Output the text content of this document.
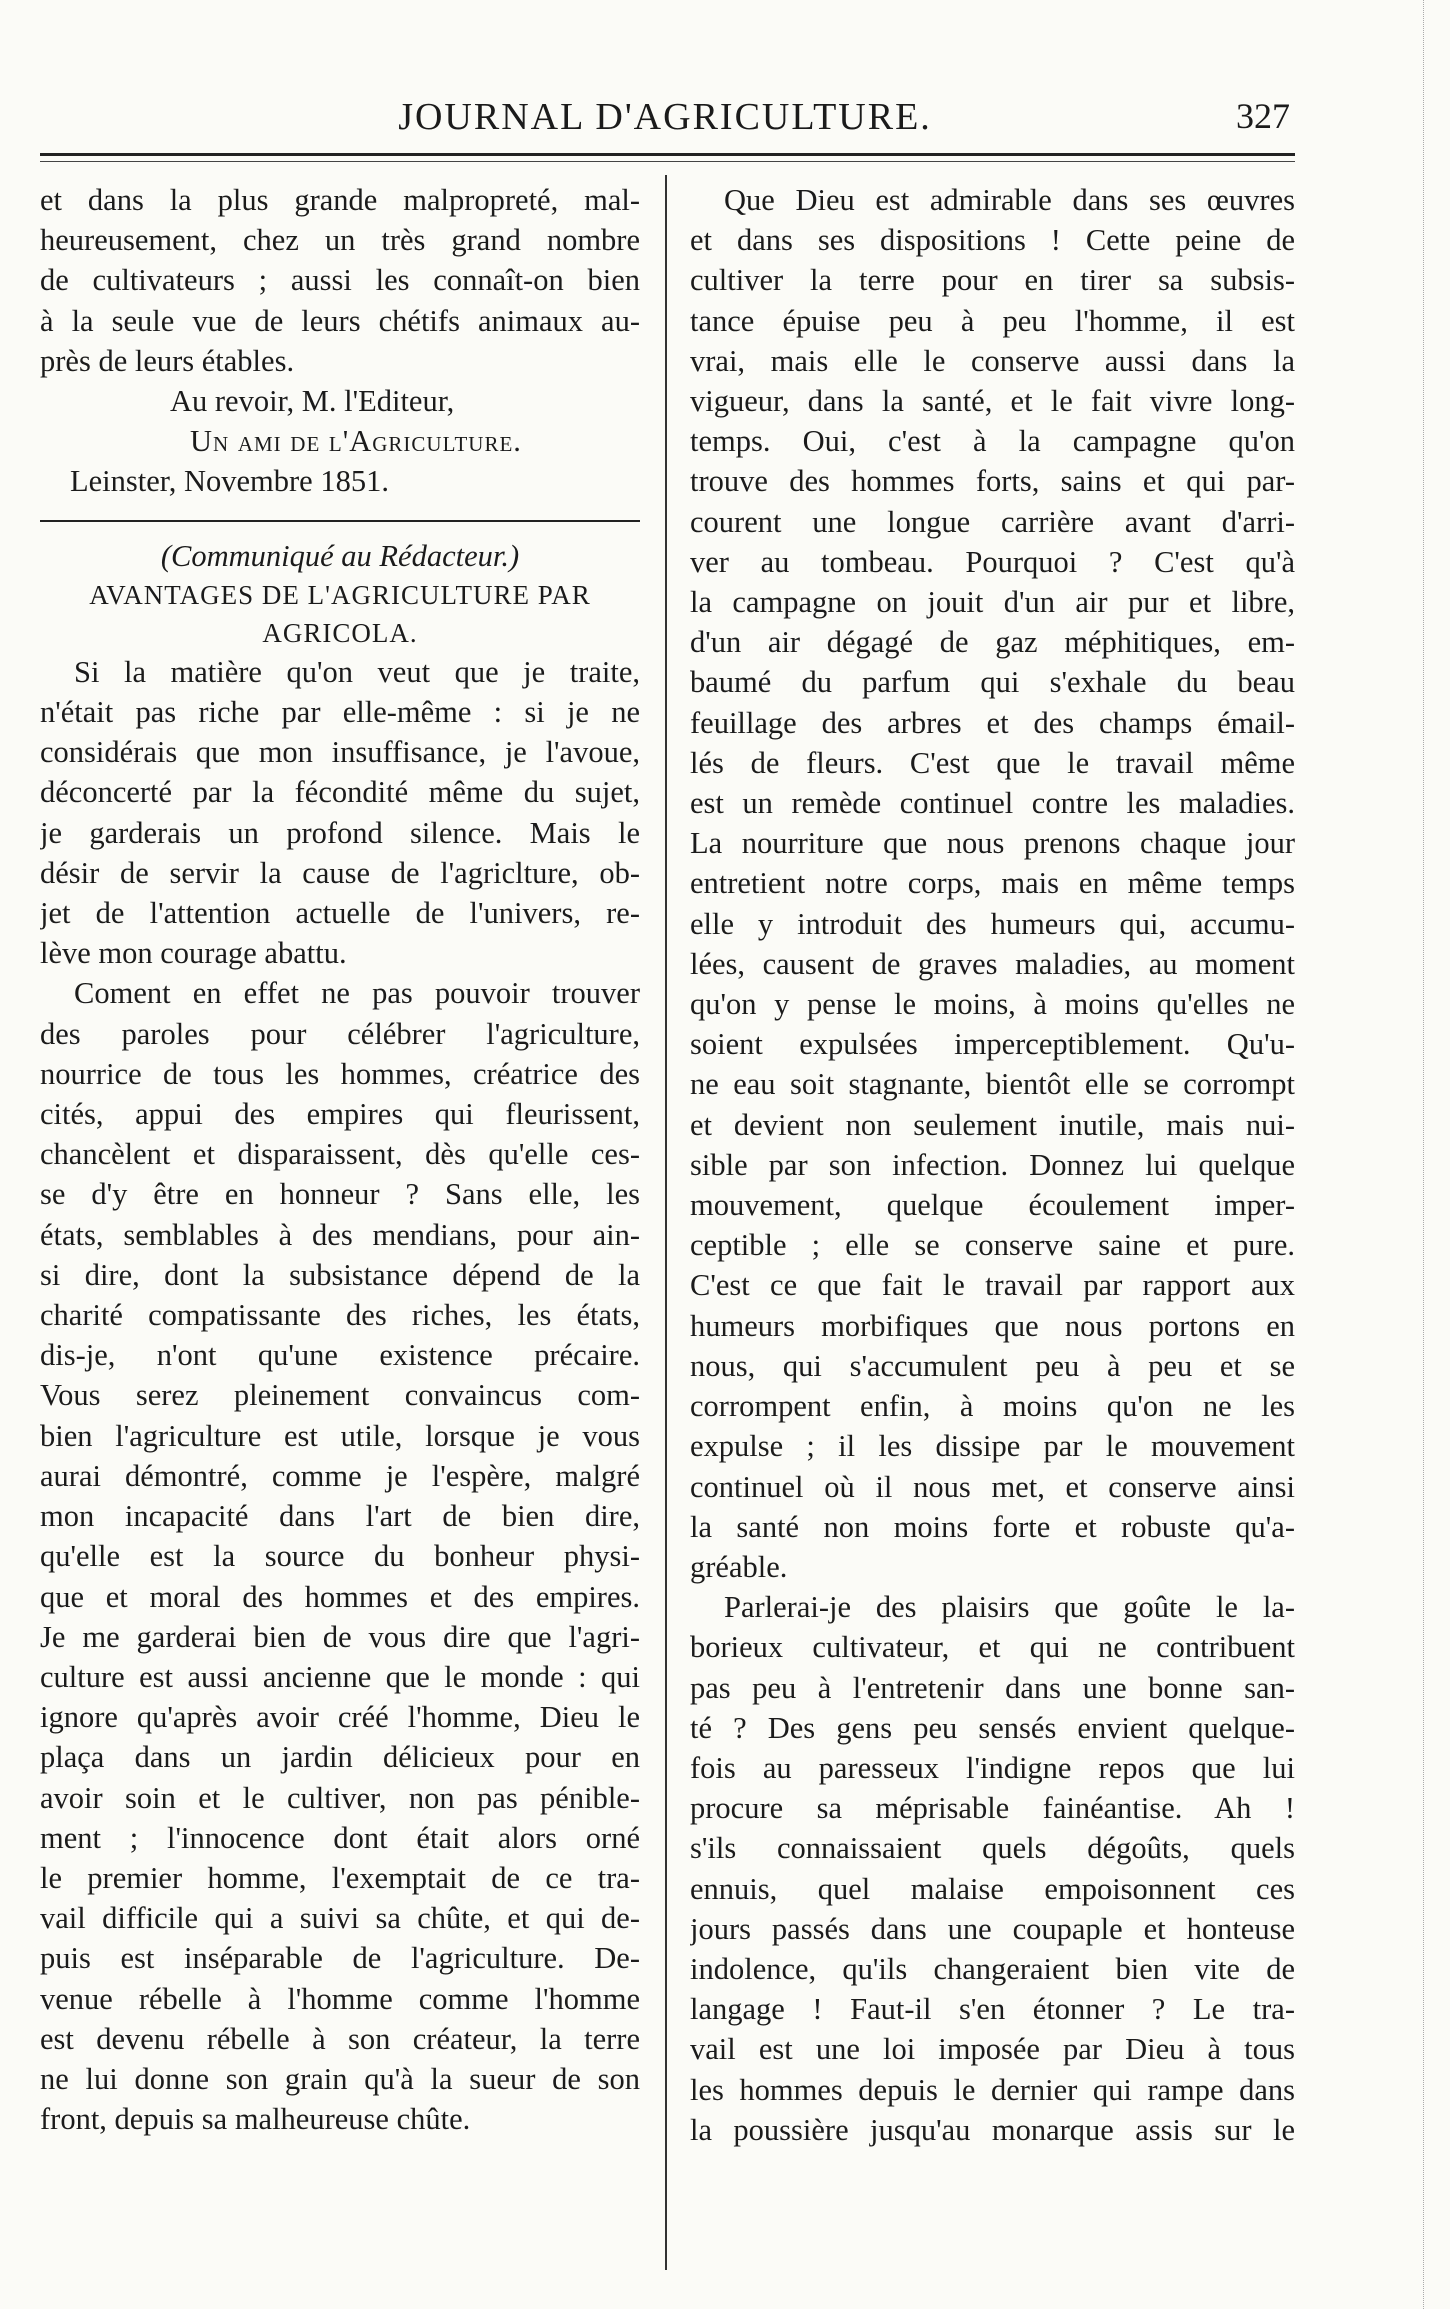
JOURNAL D'AGRICULTURE.	327
et dans la plus grande malpropreté, mal-
heureusement, chez un très grand nombre
de cultivateurs ; aussi les connaît-on bien
à la seule vue de leurs chétifs animaux au-
près de leurs étables.
Au revoir, M. l'Editeur,
Un ami de l'Agriculture.
Leinster, Novembre 1851.
(Communiqué au Rédacteur.)
AVANTAGES DE L'AGRICULTURE PAR
AGRICOLA.
Si la matière qu'on veut que je traite,
n'était pas riche par elle-même : si je ne
considérais que mon insuffisance, je l'avoue,
déconcerté par la fécondité même du sujet,
je garderais un profond silence. Mais le
désir de servir la cause de l'agriclture, ob-
jet de l'attention actuelle de l'univers, re-
lève mon courage abattu.
Coment en effet ne pas pouvoir trouver
des paroles pour célébrer l'agriculture,
nourrice de tous les hommes, créatrice des
cités, appui des empires qui fleurissent,
chancèlent et disparaissent, dès qu'elle ces-
se d'y être en honneur ? Sans elle, les
états, semblables à des mendians, pour ain-
si dire, dont la subsistance dépend de la
charité compatissante des riches, les états,
dis-je, n'ont qu'une existence précaire.
Vous serez pleinement convaincus com-
bien l'agriculture est utile, lorsque je vous
aurai démontré, comme je l'espère, malgré
mon incapacité dans l'art de bien dire,
qu'elle est la source du bonheur physi-
que et moral des hommes et des empires.
Je me garderai bien de vous dire que l'agri-
culture est aussi ancienne que le monde : qui
ignore qu'après avoir créé l'homme, Dieu le
plaça dans un jardin délicieux pour en
avoir soin et le cultiver, non pas pénible-
ment ; l'innocence dont était alors orné
le premier homme, l'exemptait de ce tra-
vail difficile qui a suivi sa chûte, et qui de-
puis est inséparable de l'agriculture. De-
venue rébelle à l'homme comme l'homme
est devenu rébelle à son créateur, la terre
ne lui donne son grain qu'à la sueur de son
front, depuis sa malheureuse chûte.
Que Dieu est admirable dans ses œuvres
et dans ses dispositions ! Cette peine de
cultiver la terre pour en tirer sa subsis-
tance épuise peu à peu l'homme, il est
vrai, mais elle le conserve aussi dans la
vigueur, dans la santé, et le fait vivre long-
temps. Oui, c'est à la campagne qu'on
trouve des hommes forts, sains et qui par-
courent une longue carrière avant d'arri-
ver au tombeau. Pourquoi ? C'est qu'à
la campagne on jouit d'un air pur et libre,
d'un air dégagé de gaz méphitiques, em-
baumé du parfum qui s'exhale du beau
feuillage des arbres et des champs émail-
lés de fleurs. C'est que le travail même
est un remède continuel contre les maladies.
La nourriture que nous prenons chaque jour
entretient notre corps, mais en même temps
elle y introduit des humeurs qui, accumu-
lées, causent de graves maladies, au moment
qu'on y pense le moins, à moins qu'elles ne
soient expulsées imperceptiblement. Qu'u-
ne eau soit stagnante, bientôt elle se corrompt
et devient non seulement inutile, mais nui-
sible par son infection. Donnez lui quelque
mouvement, quelque écoulement imper-
ceptible ; elle se conserve saine et pure.
C'est ce que fait le travail par rapport aux
humeurs morbifiques que nous portons en
nous, qui s'accumulent peu à peu et se
corrompent enfin, à moins qu'on ne les
expulse ; il les dissipe par le mouvement
continuel où il nous met, et conserve ainsi
la santé non moins forte et robuste qu'a-
gréable.
Parlerai-je des plaisirs que goûte le la-
borieux cultivateur, et qui ne contribuent
pas peu à l'entretenir dans une bonne san-
té ? Des gens peu sensés envient quelque-
fois au paresseux l'indigne repos que lui
procure sa méprisable fainéantise. Ah !
s'ils connaissaient quels dégoûts, quels
ennuis, quel malaise empoisonnent ces
jours passés dans une coupaple et honteuse
indolence, qu'ils changeraient bien vite de
langage ! Faut-il s'en étonner ? Le tra-
vail est une loi imposée par Dieu à tous
les hommes depuis le dernier qui rampe dans
la poussière jusqu'au monarque assis sur le
